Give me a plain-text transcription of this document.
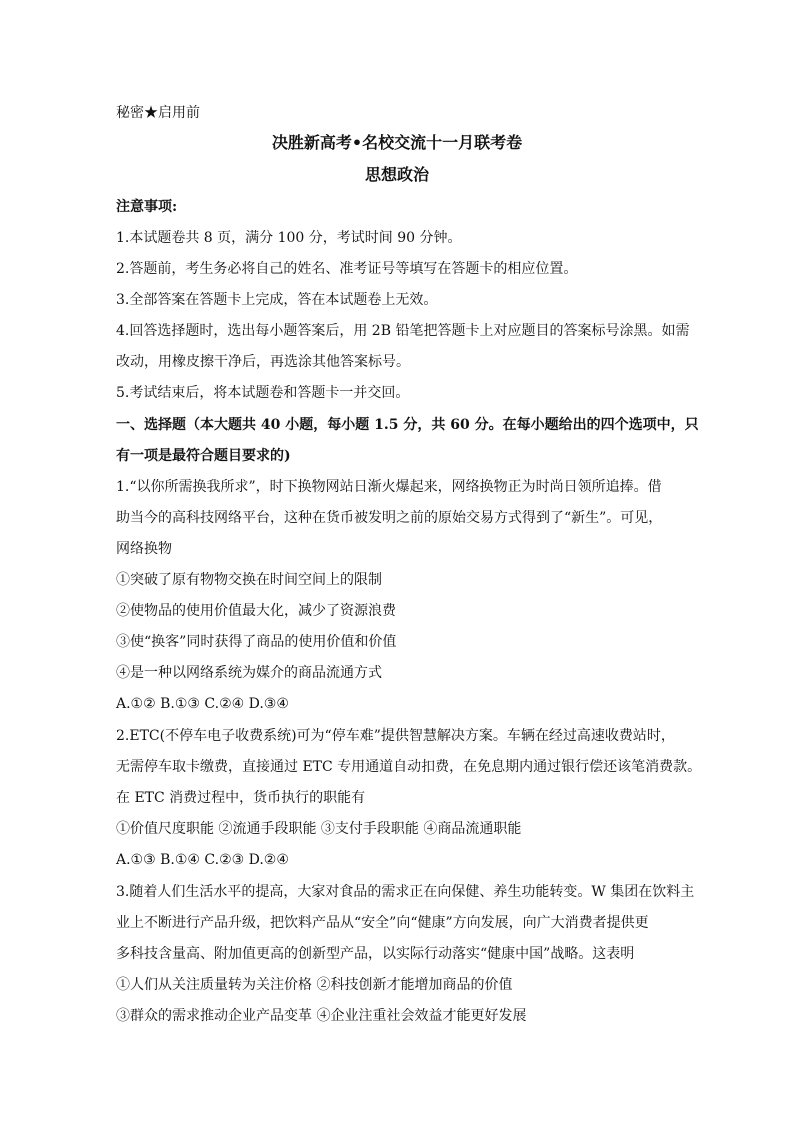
秘密★启用前
决胜新高考•名校交流十一月联考卷
思想政治
注意事项:
1.本试题卷共 8 页，满分 100 分，考试时间 90 分钟。
2.答题前，考生务必将自己的姓名、准考证号等填写在答题卡的相应位置。
3.全部答案在答题卡上完成，答在本试题卷上无效。
4.回答选择题时，选出每小题答案后，用 2B 铅笔把答题卡上对应题目的答案标号涂黑。如需
改动，用橡皮擦干净后，再选涂其他答案标号。
5.考试结束后，将本试题卷和答题卡一并交回。
一、选择题（本大题共 40 小题，每小题 1.5 分，共 60 分。在每小题给出的四个选项中，只
有一项是最符合题目要求的)
1.“以你所需换我所求”，时下换物网站日渐火爆起来，网络换物正为时尚日领所追捧。借
助当今的高科技网络平台，这种在货币被发明之前的原始交易方式得到了“新生”。可见，
网络换物
①突破了原有物物交换在时间空间上的限制
②使物品的使用价值最大化，减少了资源浪费
③使“换客”同时获得了商品的使用价值和价值
④是一种以网络系统为媒介的商品流通方式
A.①② B.①③ C.②④ D.③④
2.ETC(不停车电子收费系统)可为“停车难”提供智慧解决方案。车辆在经过高速收费站时，
无需停车取卡缴费，直接通过 ETC 专用通道自动扣费，在免息期内通过银行偿还该笔消费款。
在 ETC 消费过程中，货币执行的职能有
①价值尺度职能 ②流通手段职能 ③支付手段职能 ④商品流通职能
A.①③ B.①④ C.②③ D.②④
3.随着人们生活水平的提高，大家对食品的需求正在向保健、养生功能转变。W 集团在饮料主
业上不断进行产品升级，把饮料产品从“安全”向“健康”方向发展，向广大消费者提供更
多科技含量高、附加值更高的创新型产品，以实际行动落实“健康中国”战略。这表明
①人们从关注质量转为关注价格 ②科技创新才能增加商品的价值
③群众的需求推动企业产品变革 ④企业注重社会效益才能更好发展
